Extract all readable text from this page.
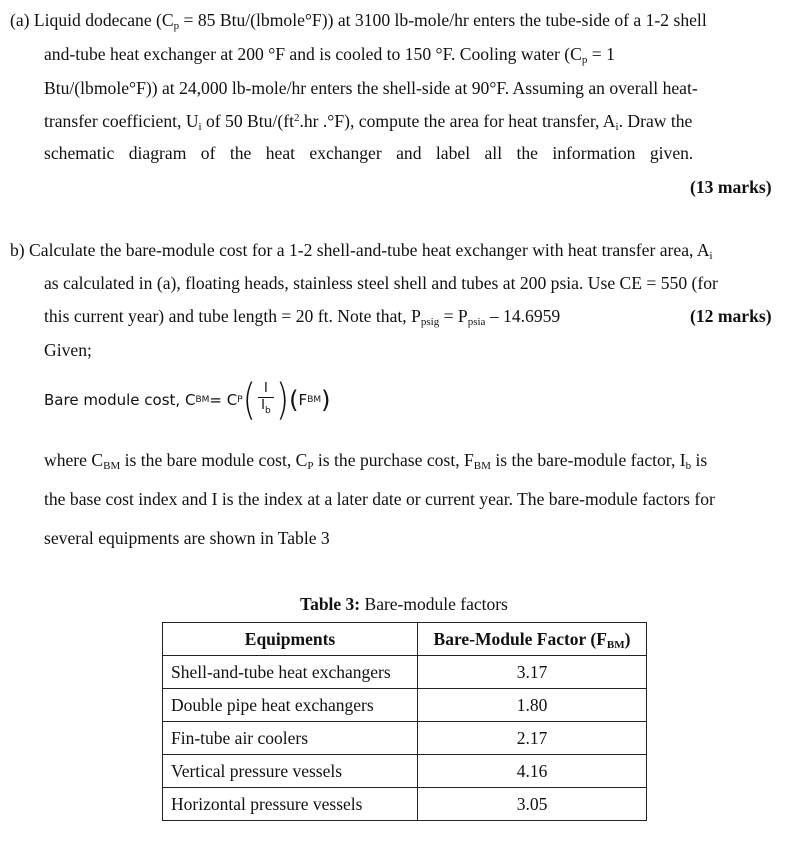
(a) Liquid dodecane ($C_p = 85$ Btu/(lbmole°F)) at 3100 lb-mole/hr enters the tube-side of a 1-2 shell
and-tube heat exchanger at 200 °F and is cooled to 150 °F. Cooling water ($C_p = 1$
Btu/(lbmole°F)) at 24,000 lb-mole/hr enters the shell-side at 90°F. Assuming an overall heat-
transfer coefficient, $U_i$ of 50 Btu/($ft^2.hr$ .°F), compute the area for heat transfer, $A_i$. Draw the
schematic diagram of the heat exchanger and label all the information given.
(13 marks)
b) Calculate the bare-module cost for a 1-2 shell-and-tube heat exchanger with heat transfer area, $A_i$
as calculated in (a), floating heads, stainless steel shell and tubes at 200 psia. Use CE = 550 (for
this current year) and tube length = 20 ft. Note that, $P_{psig} = P_{psia} - 14.6959$	(12 marks)
Given;
Bare module cost, C BM = C P ( $\frac{I}{I_b}$ ) ( F BM )
where $C_{BM}$ is the bare module cost, $C_P$ is the purchase cost, $F_{BM}$ is the bare-module factor, $I_b$ is
the base cost index and I is the index at a later date or current year. The bare-module factors for
several equipments are shown in Table 3
Table 3: Bare-module factors
Equipments	Bare-Module Factor $(F_{BM})$
Shell-and-tube heat exchangers	3.17
Double pipe heat exchangers	1.80
Fin-tube air coolers	2.17
Vertical pressure vessels	4.16
Horizontal pressure vessels	3.05
